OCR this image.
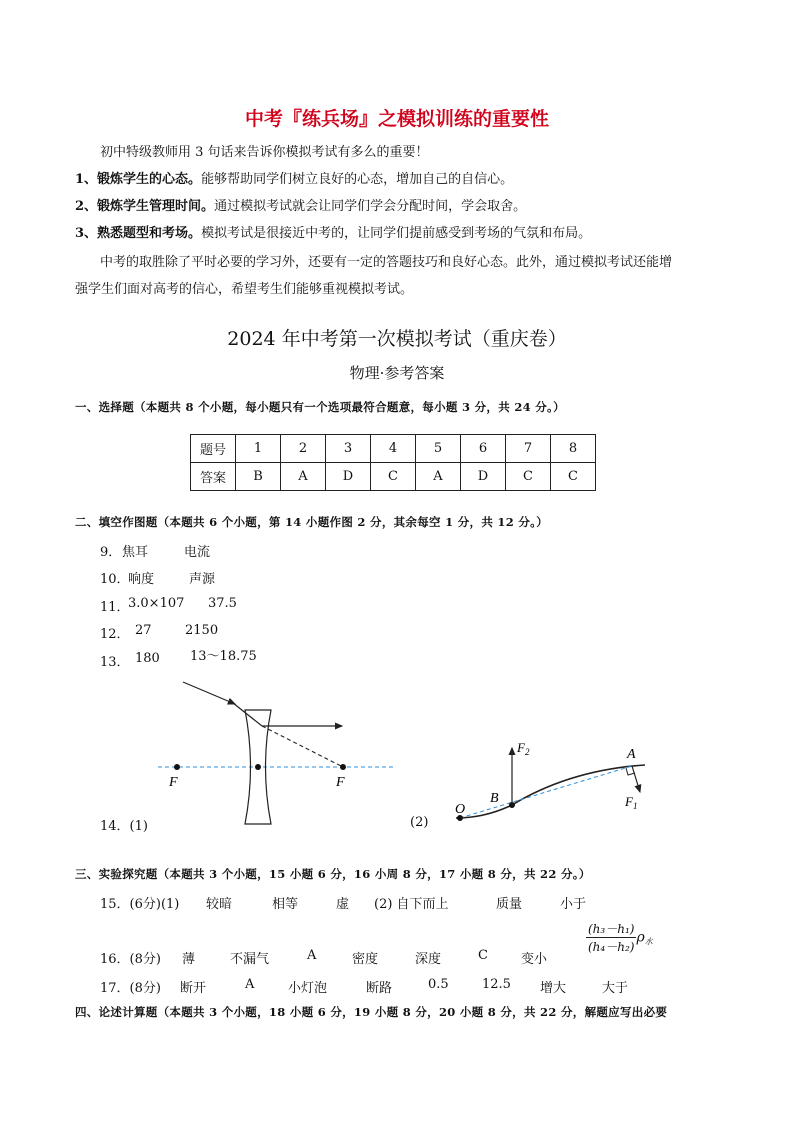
中考『练兵场』之模拟训练的重要性
初中特级教师用 3 句话来告诉你模拟考试有多么的重要！
1、锻炼学生的心态。能够帮助同学们树立良好的心态，增加自己的自信心。
2、锻炼学生管理时间。通过模拟考试就会让同学们学会分配时间，学会取舍。
3、熟悉题型和考场。模拟考试是很接近中考的，让同学们提前感受到考场的气氛和布局。
中考的取胜除了平时必要的学习外，还要有一定的答题技巧和良好心态。此外，通过模拟考试还能增
强学生们面对高考的信心，希望考生们能够重视模拟考试。
2024 年中考第一次模拟考试（重庆卷）
物理·参考答案
一、选择题（本题共 8 个小题，每小题只有一个选项最符合题意，每小题 3 分，共 24 分。）
题号	1	2	3	4	5	6	7	8
答案	B	A	D	C	A	D	C	C
二、填空作图题（本题共 6 个小题，第 14 小题作图 2 分，其余每空 1 分，共 12 分。）
9． 焦耳	电流
10．
响度	声源
11．
3.0×107 37.5
12． 27	2150
13． 180 13～18.75
F	F
$F_2$	A
B
O
$F_1$
14．(1)	(2)
三、实验探究题（本题共 3 个小题，15 小题 6 分，16 小周 8 分，17 小题 8 分，共 22 分。）
15．(6分)(1) 较暗	相等	虚 (2) 自下而上	质量	小于
16．(8分) 薄	不漏气	A	密度	深度	C	变小
$\frac{\text{(h₃－h₁)}}{\text{(h₄－h₂)}} \rho_水$
17．(8分) 断开	A	小灯泡	断路	0.5	12.5 增大	大于
四、论述计算题（本题共 3 个小题，18 小题 6 分，19 小题 8 分，20 小题 8 分，共 22 分，解题应写出必要
